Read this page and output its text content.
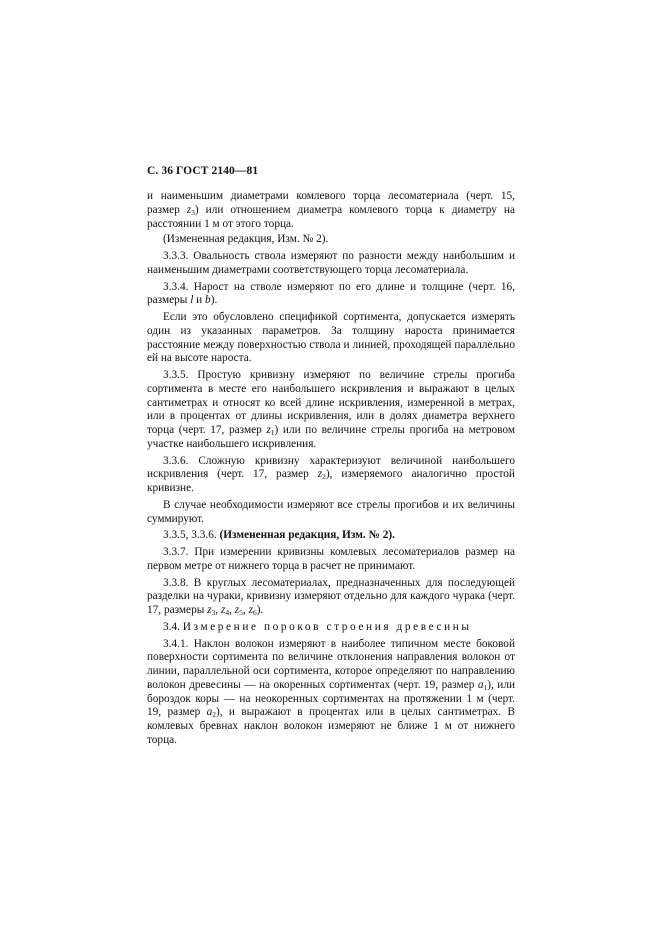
С. 36 ГОСТ 2140—81

и наименьшим диаметрами комлевого торца лесоматериала (черт. 15, размер $z_3$) или отношением диаметра комлевого торца к диаметру на расстоянии 1 м от этого торца.

(Измененная редакция, Изм. № 2).

3.3.3. Овальность ствола измеряют по разности между наибольшим и наименьшим диаметрами соответствующего торца лесоматериала.

3.3.4. Нарост на стволе измеряют по его длине и толщине (черт. 16, размеры l и b).

Если это обусловлено спецификой сортимента, допускается измерять один из указанных параметров. За толщину нароста принимается расстояние между поверхностью ствола и линией, проходящей параллельно ей на высоте нароста.

3.3.5. Простую кривизну измеряют по величине стрелы прогиба сортимента в месте его наибольшего искривления и выражают в целых сантиметрах и относят ко всей длине искривления, измеренной в метрах, или в процентах от длины искривления, или в долях диаметра верхнего торца (черт. 17, размер $z_1$) или по величине стрелы прогиба на метровом участке наибольшего искривления.

3.3.6. Сложную кривизну характеризуют величиной наибольшего искривления (черт. 17, размер $z_2$), измеряемого аналогично простой кривизне.

В случае необходимости измеряют все стрелы прогибов и их величины суммируют.

3.3.5, 3.3.6. (Измененная редакция, Изм. № 2).

3.3.7. При измерении кривизны комлевых лесоматериалов размер на первом метре от нижнего торца в расчет не принимают.

3.3.8. В круглых лесоматериалах, предназначенных для последующей разделки на чураки, кривизну измеряют отдельно для каждого чурака (черт. 17, размеры $z_3$, $z_4$, $z_5$, $z_6$).

3.4. Измерение пороков строения древесины

3.4.1. Наклон волокон измеряют в наиболее типичном месте боковой поверхности сортимента по величине отклонения направления волокон от линии, параллельной оси сортимента, которое определяют по направлению волокон древесины — на окоренных сортиментах (черт. 19, размер $a_1$), или бороздок коры — на неокоренных сортиментах на протяжении 1 м (черт. 19, размер $a_2$), и выражают в процентах или в целых сантиметрах. В комлевых бревнах наклон волокон измеряют не ближе 1 м от нижнего торца.
